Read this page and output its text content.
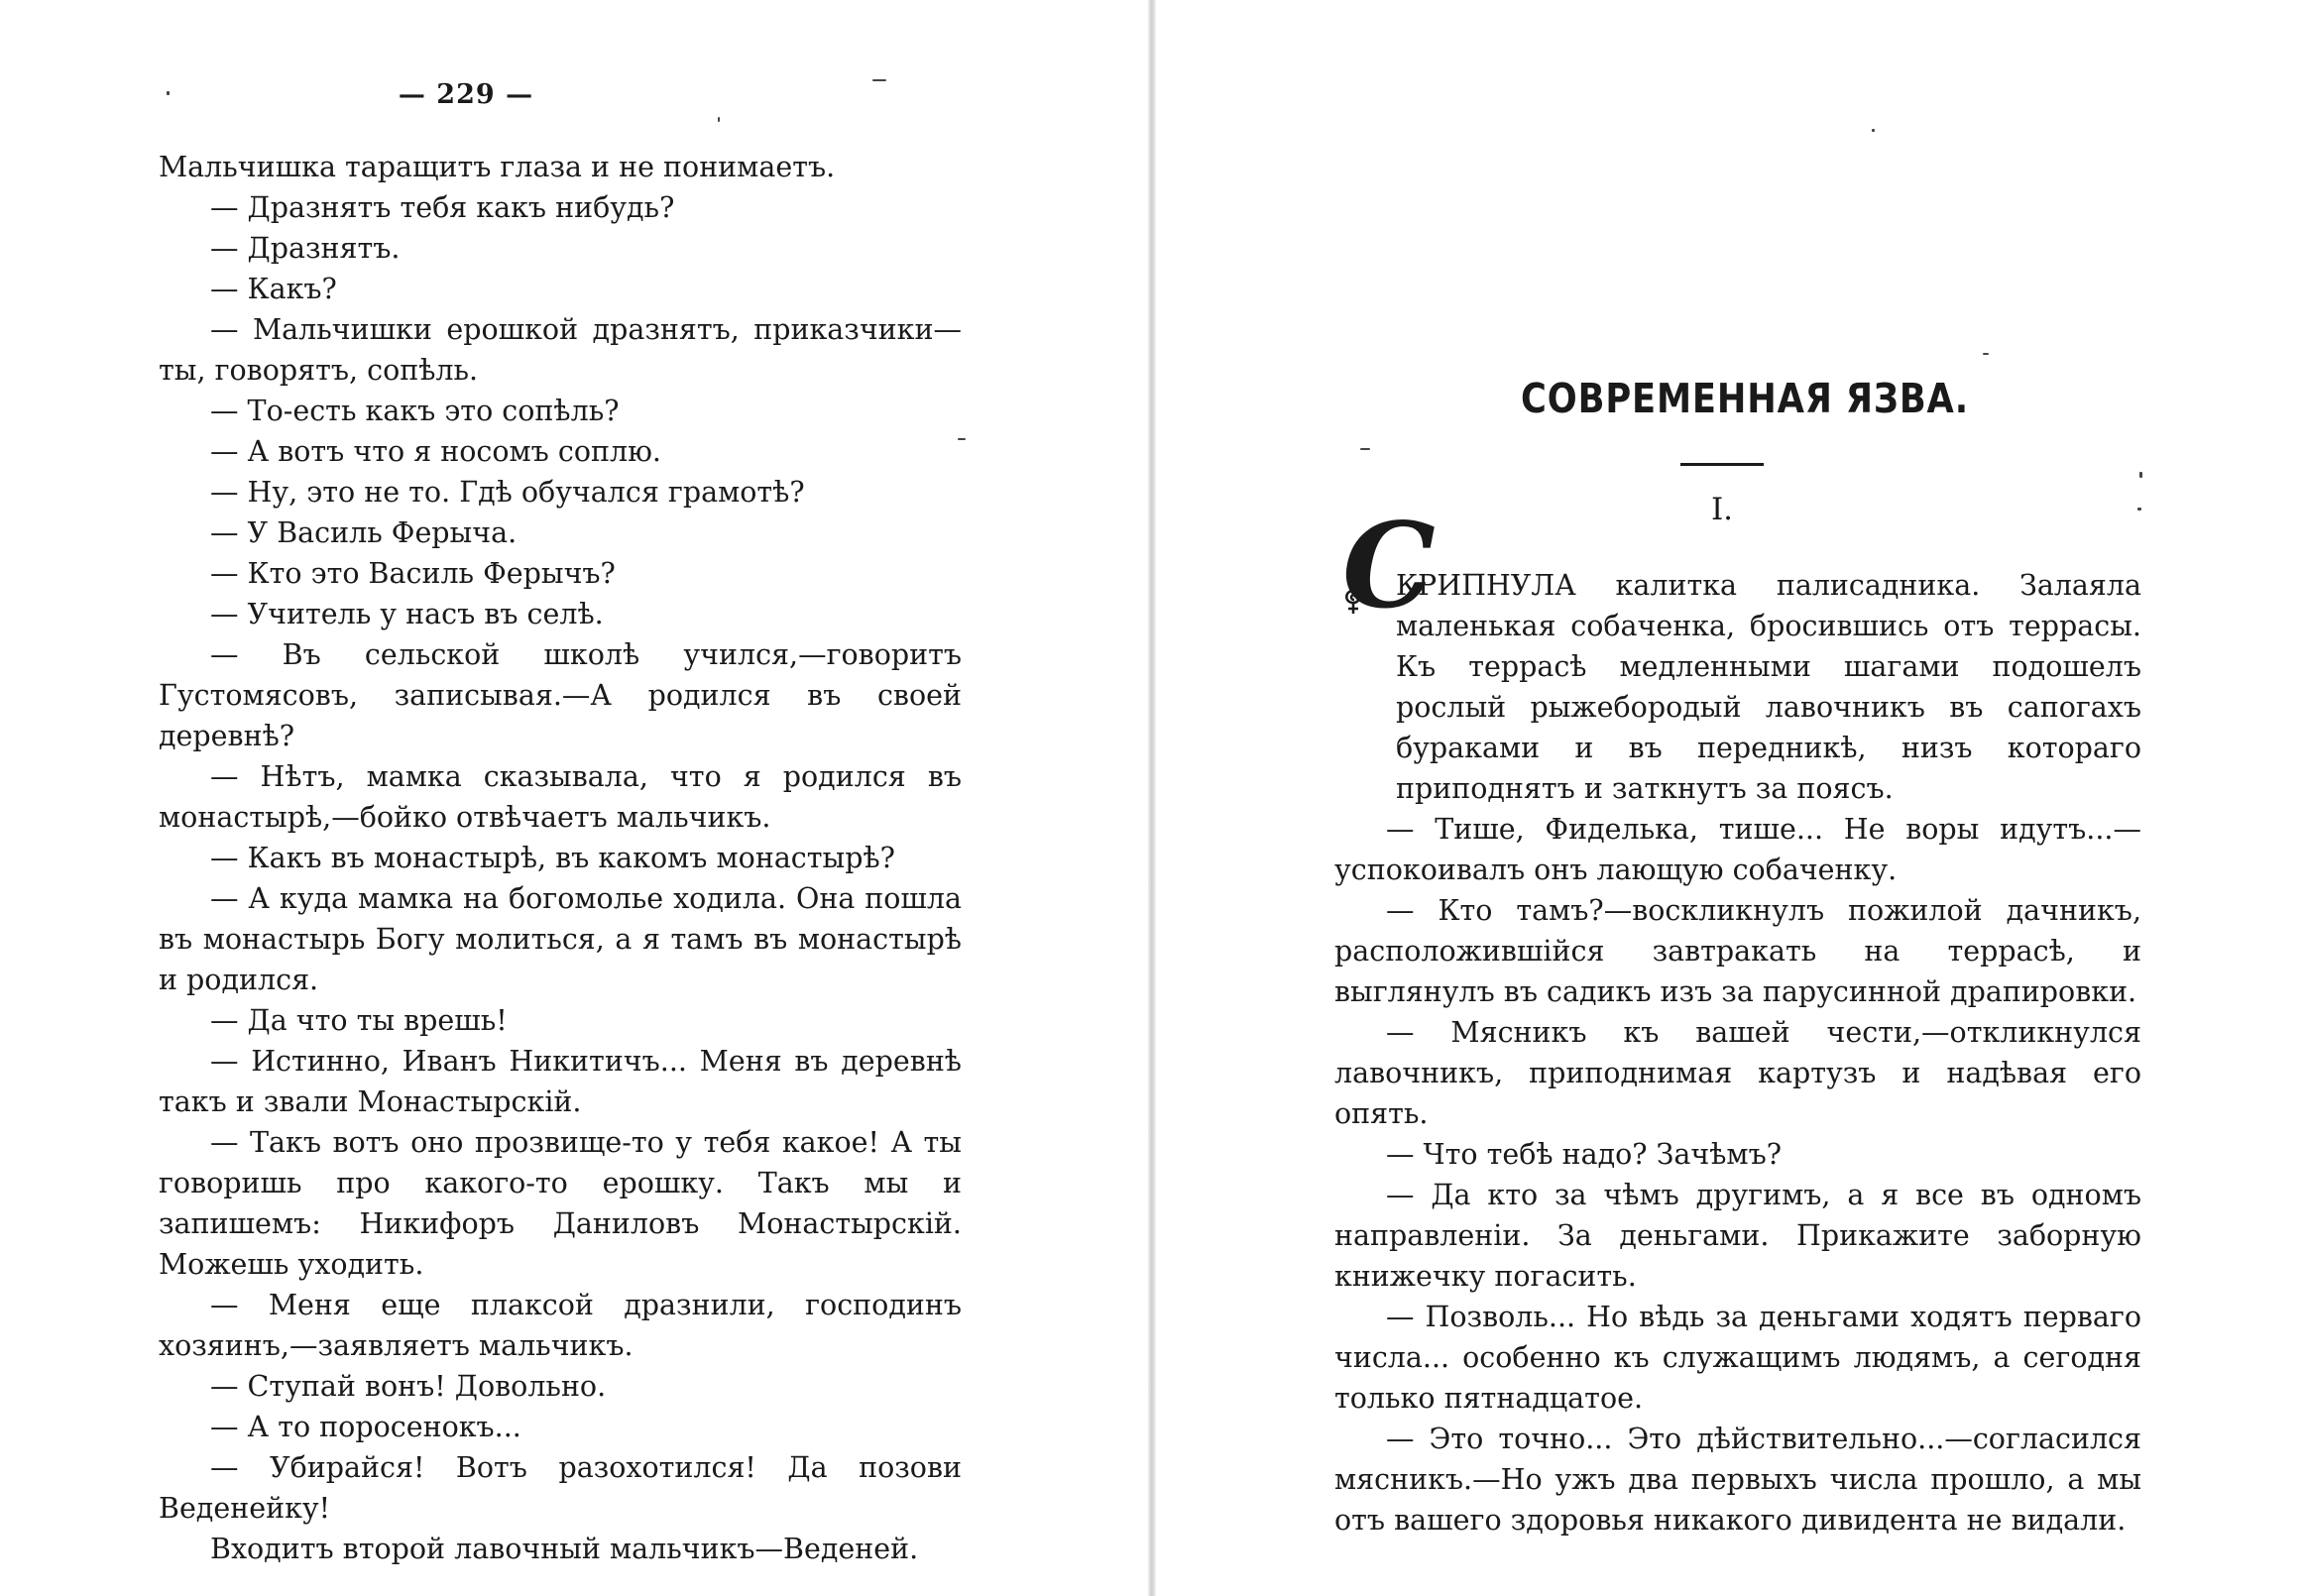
— 229 —

Мальчишка таращитъ глаза и не понимаетъ.

— Дразнятъ тебя какъ нибудь?

— Дразнятъ.

— Какъ?

— Мальчишки ерошкой дразнятъ, приказчики—ты, говорятъ, сопѣль.

— То-есть какъ это сопѣль?

— А вотъ что я носомъ соплю.

— Ну, это не то. Гдѣ обучался грамотѣ?

— У Василь Ферыча.

— Кто это Василь Ферычъ?

— Учитель у насъ въ селѣ.

— Въ сельской школѣ учился,—говоритъ Густомясовъ, записывая.—А родился въ своей деревнѣ?

— Нѣтъ, мамка сказывала, что я родился въ монастырѣ,—бойко отвѣчаетъ мальчикъ.

— Какъ въ монастырѣ, въ какомъ монастырѣ?

— А куда мамка на богомолье ходила. Она пошла въ монастырь Богу молиться, а я тамъ въ монастырѣ и родился.

— Да что ты врешь!

— Истинно, Иванъ Никитичъ... Меня въ деревнѣ такъ и звали Монастырскій.

— Такъ вотъ оно прозвище-то у тебя какое! А ты говоришь про какого-то ерошку. Такъ мы и запишемъ: Никифоръ Даниловъ Монастырскій. Можешь уходить.

— Меня еще плаксой дразнили, господинъ хозяинъ,—заявляетъ мальчикъ.

— Ступай вонъ! Довольно.

— А то поросенокъ...

— Убирайся! Вотъ разохотился! Да позови Веденейку!

Входитъ второй лавочный мальчикъ—Веденей.

СОВРЕМЕННАЯ ЯЗВА.
I.
С

КРИПНУЛА калитка палисадника. Залаяла маленькая собаченка, бросившись отъ террасы. Къ террасѣ медленными шагами подошелъ рослый рыжебородый лавочникъ въ сапогахъ бураками и въ передникѣ, низъ котораго приподнятъ и заткнутъ за поясъ.

— Тише, Фиделька, тише... Не воры идутъ...—успокоивалъ онъ лающую собаченку.

— Кто тамъ?—воскликнулъ пожилой дачникъ, расположившійся завтракать на террасѣ, и выглянулъ въ садикъ изъ за парусинной драпировки.

— Мясникъ къ вашей чести,—откликнулся лавочникъ, приподнимая картузъ и надѣвая его опять.

— Что тебѣ надо? Зачѣмъ?

— Да кто за чѣмъ другимъ, а я все въ одномъ направленіи. За деньгами. Прикажите заборную книжечку погасить.

— Позволь... Но вѣдь за деньгами ходятъ перваго числа... особенно къ служащимъ людямъ, а сегодня только пятнадцатое.

— Это точно... Это дѣйствительно...—согласился мясникъ.—Но ужъ два первыхъ числа прошло, а мы отъ вашего здоровья никакого дивидента не видали.
